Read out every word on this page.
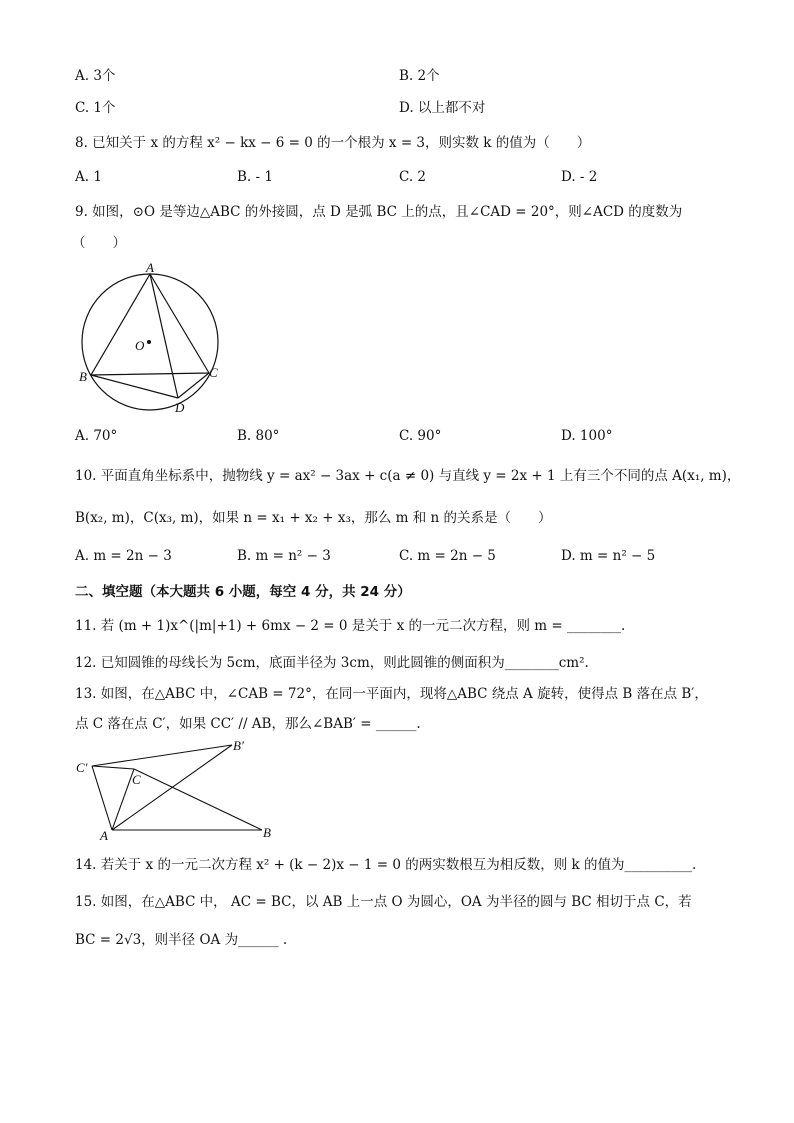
A. 3个	B. 2个
C. 1个	D. 以上都不对
8. 已知关于 x 的方程 x² − kx − 6 = 0 的一个根为 x = 3，则实数 k 的值为（　　）
A. 1	B. - 1	C. 2	D. - 2
9. 如图，⊙O 是等边△ABC 的外接圆，点 D 是弧 BC 上的点，且∠CAD = 20°，则∠ACD 的度数为
（　　）
A
B	C
D
O
A. 70°	B. 80°	C. 90°	D. 100°
10. 平面直角坐标系中，抛物线 y = ax² − 3ax + c(a ≠ 0) 与直线 y = 2x + 1 上有三个不同的点 A(x₁, m)，
B(x₂, m)，C(x₃, m)，如果 n = x₁ + x₂ + x₃，那么 m 和 n 的关系是（　　）
A. m = 2n − 3	B. m = n² − 3	C. m = 2n − 5	D. m = n² − 5
二、填空题（本大题共 6 小题，每空 4 分，共 24 分）
11. 若 (m + 1)x^(|m|+1) + 6mx − 2 = 0 是关于 x 的一元二次方程，则 m = ________.
12. 已知圆锥的母线长为 5cm，底面半径为 3cm，则此圆锥的侧面积为________cm².
13. 如图，在△ABC 中，∠CAB = 72°，在同一平面内，现将△ABC 绕点 A 旋转，使得点 B 落在点 B′，
点 C 落在点 C′，如果 CC′ // AB，那么∠BAB′ = ______.
C′
B′
C
A	B
14. 若关于 x 的一元二次方程 x² + (k − 2)x − 1 = 0 的两实数根互为相反数，则 k 的值为__________.
15. 如图，在△ABC 中， AC = BC，以 AB 上一点 O 为圆心，OA 为半径的圆与 BC 相切于点 C，若
BC = 2√3，则半径 OA 为______ .
